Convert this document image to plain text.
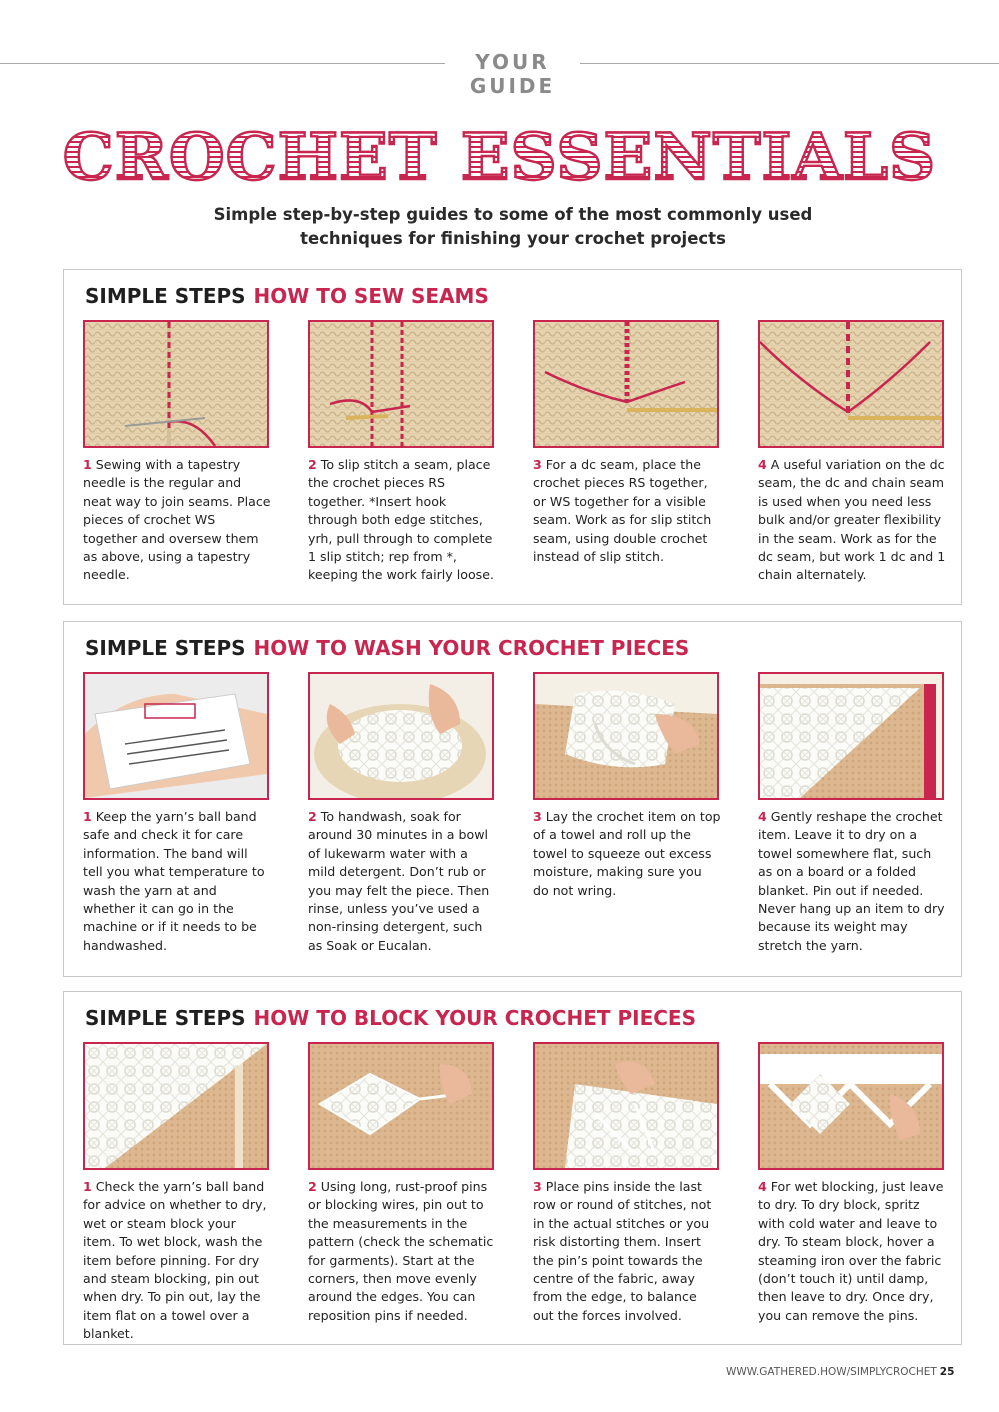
YOUR GUIDE
CROCHET ESSENTIALS
Simple step-by-step guides to some of the most commonly used
techniques for finishing your crochet projects
SIMPLE STEPS HOW TO SEW SEAMS
1 Sewing with a tapestry needle is the regular and neat way to join seams. Place pieces of crochet WS together and oversew them as above, using a tapestry needle.
2 To slip stitch a seam, place the crochet pieces RS together. *Insert hook through both edge stitches, yrh, pull through to complete 1 slip stitch; rep from *, keeping the work fairly loose.
3 For a dc seam, place the crochet pieces RS together, or WS together for a visible seam. Work as for slip stitch seam, using double crochet instead of slip stitch.
4 A useful variation on the dc seam, the dc and chain seam is used when you need less bulk and/or greater flexibility in the seam. Work as for the dc seam, but work 1 dc and 1 chain alternately.
SIMPLE STEPS HOW TO WASH YOUR CROCHET PIECES
1 Keep the yarn’s ball band safe and check it for care information. The band will tell you what temperature to wash the yarn at and whether it can go in the machine or if it needs to be handwashed.
2 To handwash, soak for around 30 minutes in a bowl of lukewarm water with a mild detergent. Don’t rub or you may felt the piece. Then rinse, unless you’ve used a non-rinsing detergent, such as Soak or Eucalan.
3 Lay the crochet item on top of a towel and roll up the towel to squeeze out excess moisture, making sure you do not wring.
4 Gently reshape the crochet item. Leave it to dry on a towel somewhere flat, such as on a board or a folded blanket. Pin out if needed. Never hang up an item to dry because its weight may stretch the yarn.
SIMPLE STEPS HOW TO BLOCK YOUR CROCHET PIECES
1 Check the yarn’s ball band for advice on whether to dry, wet or steam block your item. To wet block, wash the item before pinning. For dry and steam blocking, pin out when dry. To pin out, lay the item flat on a towel over a blanket.
2 Using long, rust-proof pins or blocking wires, pin out to the measurements in the pattern (check the schematic for garments). Start at the corners, then move evenly around the edges. You can reposition pins if needed.
3 Place pins inside the last row or round of stitches, not in the actual stitches or you risk distorting them. Insert the pin’s point towards the centre of the fabric, away from the edge, to balance out the forces involved.
4 For wet blocking, just leave to dry. To dry block, spritz with cold water and leave to dry. To steam block, hover a steaming iron over the fabric (don’t touch it) until damp, then leave to dry. Once dry, you can remove the pins.
WWW.GATHERED.HOW/SIMPLYCROCHET 25
